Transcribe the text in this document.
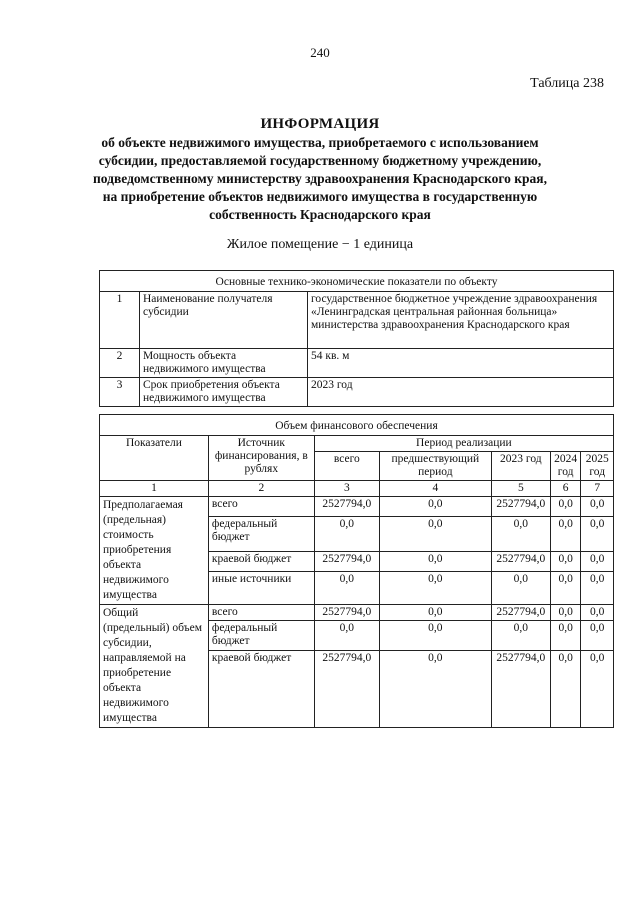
240
Таблица 238
ИНФОРМАЦИЯ
об объекте недвижимого имущества, приобретаемого с использованием
субсидии, предоставляемой государственному бюджетному учреждению,
подведомственному министерству здравоохранения Краснодарского края,
на приобретение объектов недвижимого имущества в государственную
собственность Краснодарского края
Жилое помещение − 1 единица
Основные технико-экономические показатели по объекту		
1	Наименование получателя субсидии	государственное бюджетное учреждение здравоохранения «Ленинградская центральная районная больница» министерства здравоохранения Краснодарского края
2	Мощность объекта недвижимого имущества	54 кв. м
3	Срок приобретения объекта недвижимого имущества	2023 год
Объем финансового обеспечения						
Показатели	Источник финансирования, в рублях	Период реализации				
		всего	предшествующий период	2023 год	2024 год	2025 год
1	2	3	4	5	6	7
Предполагаемая (предельная) стоимость приобретения объекта недвижимого имущества	всего	2527794,0	0,0	2527794,0	0,0	0,0
	федеральный бюджет	0,0	0,0	0,0	0,0	0,0
	краевой бюджет	2527794,0	0,0	2527794,0	0,0	0,0
	иные источники	0,0	0,0	0,0	0,0	0,0
Общий (предельный) объем субсидии, направляемой на приобретение объекта недвижимого имущества	всего	2527794,0	0,0	2527794,0	0,0	0,0
	федеральный бюджет	0,0	0,0	0,0	0,0	0,0
	краевой бюджет	2527794,0	0,0	2527794,0	0,0	0,0
